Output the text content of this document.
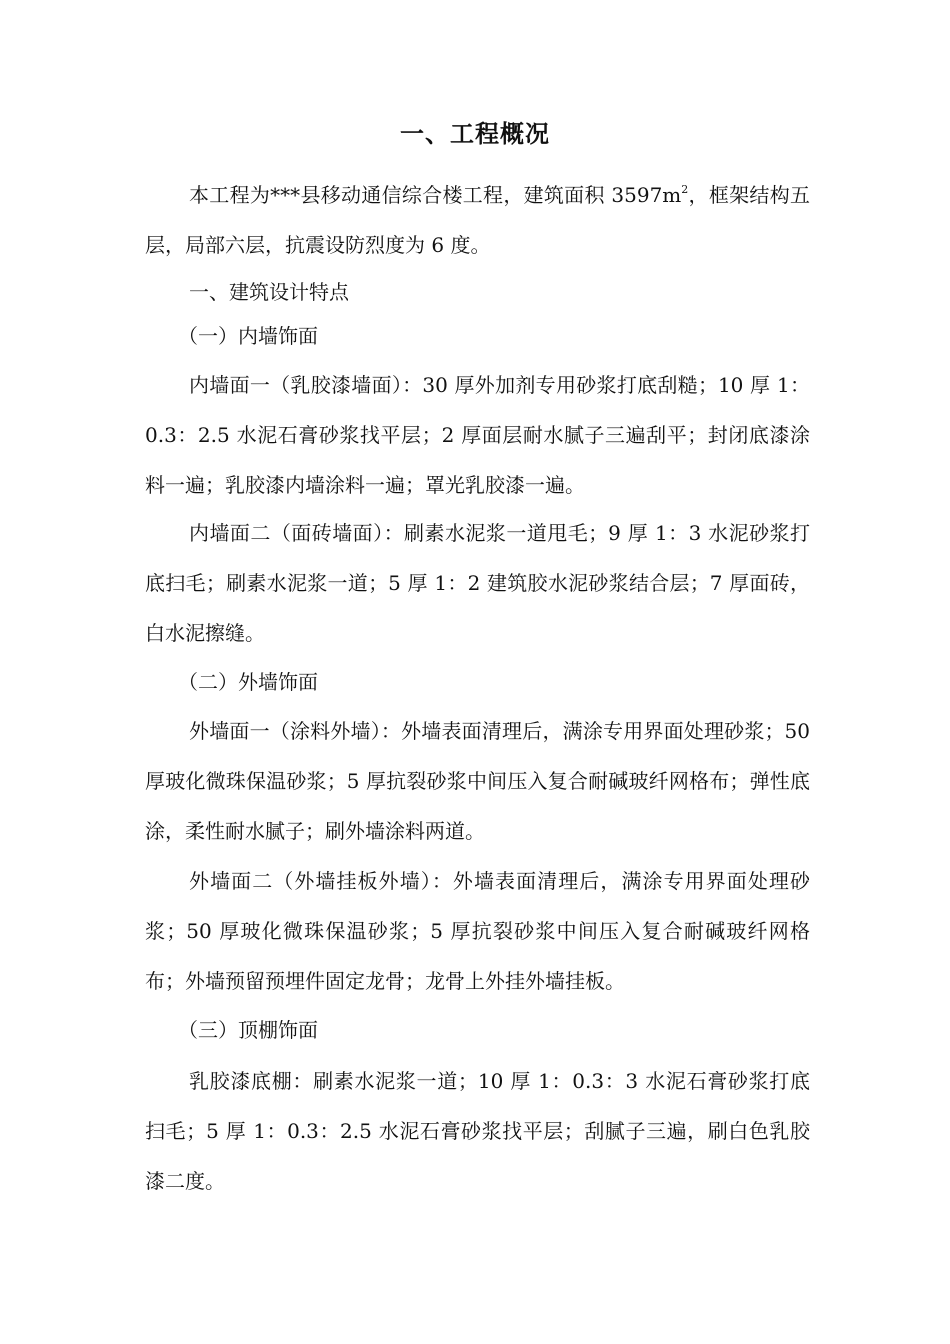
一、工程概况

本工程为***县移动通信综合楼工程，建筑面积 $3597m^2$，框架结构五层，局部六层，抗震设防烈度为 6 度。

一、建筑设计特点

（一）内墙饰面

内墙面一（乳胶漆墙面）：30 厚外加剂专用砂浆打底刮糙；10 厚 1：0.3：2.5 水泥石膏砂浆找平层；2 厚面层耐水腻子三遍刮平；封闭底漆涂料一遍；乳胶漆内墙涂料一遍；罩光乳胶漆一遍。

内墙面二（面砖墙面）：刷素水泥浆一道甩毛；9 厚 1：3 水泥砂浆打底扫毛；刷素水泥浆一道；5 厚 1：2 建筑胶水泥砂浆结合层；7 厚面砖，白水泥擦缝。

（二）外墙饰面

外墙面一（涂料外墙）：外墙表面清理后，满涂专用界面处理砂浆；50 厚玻化微珠保温砂浆；5 厚抗裂砂浆中间压入复合耐碱玻纤网格布；弹性底涂，柔性耐水腻子；刷外墙涂料两道。

外墙面二（外墙挂板外墙）：外墙表面清理后，满涂专用界面处理砂浆；50 厚玻化微珠保温砂浆；5 厚抗裂砂浆中间压入复合耐碱玻纤网格布；外墙预留预埋件固定龙骨；龙骨上外挂外墙挂板。

（三）顶棚饰面

乳胶漆底棚：刷素水泥浆一道；10 厚 1：0.3：3 水泥石膏砂浆打底扫毛；5 厚 1：0.3：2.5 水泥石膏砂浆找平层；刮腻子三遍，刷白色乳胶漆二度。
